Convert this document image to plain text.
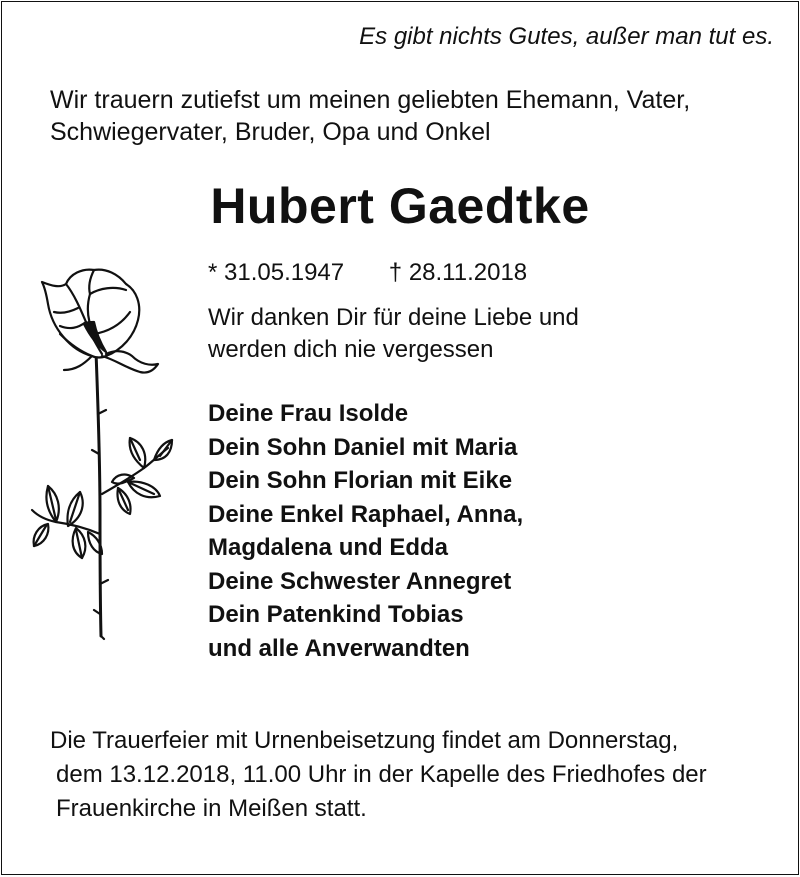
Es gibt nichts Gutes, außer man tut es.
Wir trauern zutiefst um meinen geliebten Ehemann, Vater,
Schwiegervater, Bruder, Opa und Onkel
Hubert Gaedtke
* 31.05.1947 † 28.11.2018
Wir danken Dir für deine Liebe und
werden dich nie vergessen
Deine Frau Isolde
Dein Sohn Daniel mit Maria
Dein Sohn Florian mit Eike
Deine Enkel Raphael, Anna,
Magdalena und Edda
Deine Schwester Annegret
Dein Patenkind Tobias
und alle Anverwandten
Die Trauerfeier mit Urnenbeisetzung findet am Donnerstag,
dem 13.12.2018, 11.00 Uhr in der Kapelle des Friedhofes der
Frauenkirche in Meißen statt.
